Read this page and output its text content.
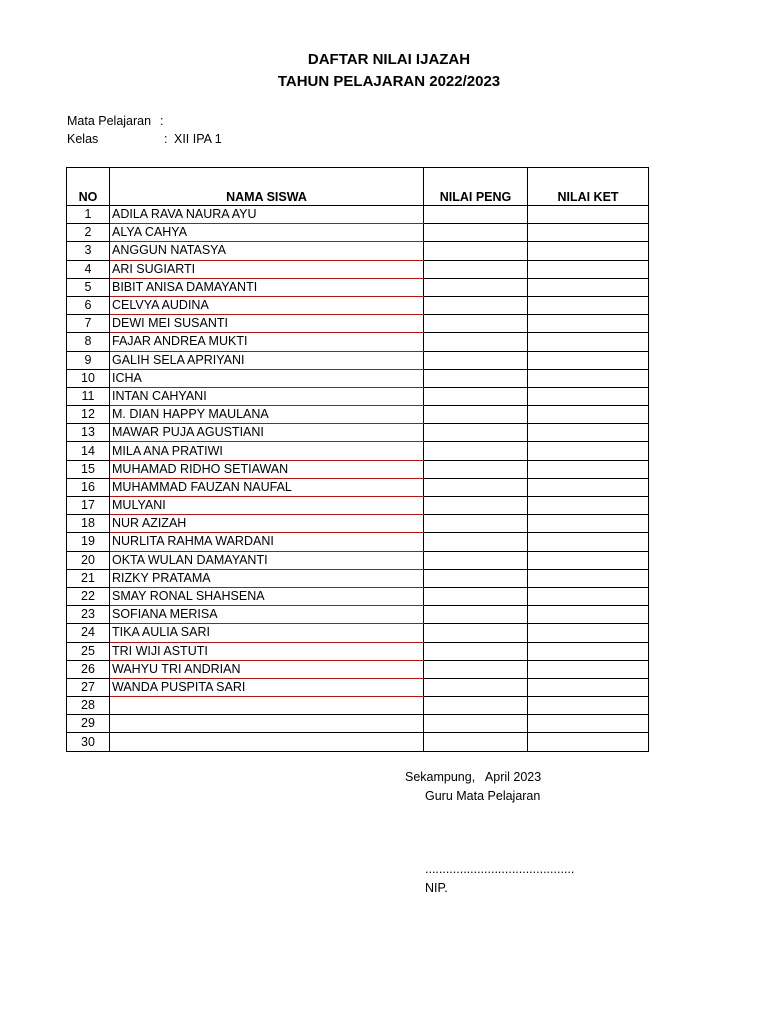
DAFTAR NILAI IJAZAH
TAHUN PELAJARAN 2022/2023
Mata Pelajaran :
Kelas	: XII IPA 1
NO	NAMA SISWA	NILAI PENG	NILAI KET
1	ADILA RAVA NAURA AYU		
2	ALYA CAHYA		
3	ANGGUN NATASYA		
4	ARI SUGIARTI		
5	BIBIT ANISA DAMAYANTI		
6	CELVYA AUDINA		
7	DEWI MEI SUSANTI		
8	FAJAR ANDREA MUKTI		
9	GALIH SELA APRIYANI		
10	ICHA		
11	INTAN CAHYANI		
12	M. DIAN HAPPY MAULANA		
13	MAWAR PUJA AGUSTIANI		
14	MILA ANA PRATIWI		
15	MUHAMAD RIDHO SETIAWAN		
16	MUHAMMAD FAUZAN NAUFAL		
17	MULYANI		
18	NUR AZIZAH		
19	NURLITA RAHMA WARDANI		
20	OKTA WULAN DAMAYANTI		
21	RIZKY PRATAMA		
22	SMAY RONAL SHAHSENA		
23	SOFIANA MERISA		
24	TIKA AULIA SARI		
25	TRI WIJI ASTUTI		
26	WAHYU TRI ANDRIAN		
27	WANDA PUSPITA SARI		
28			
29			
30			
Sekampung,   April 2023
Guru Mata Pelajaran
...........................................
NIP.
